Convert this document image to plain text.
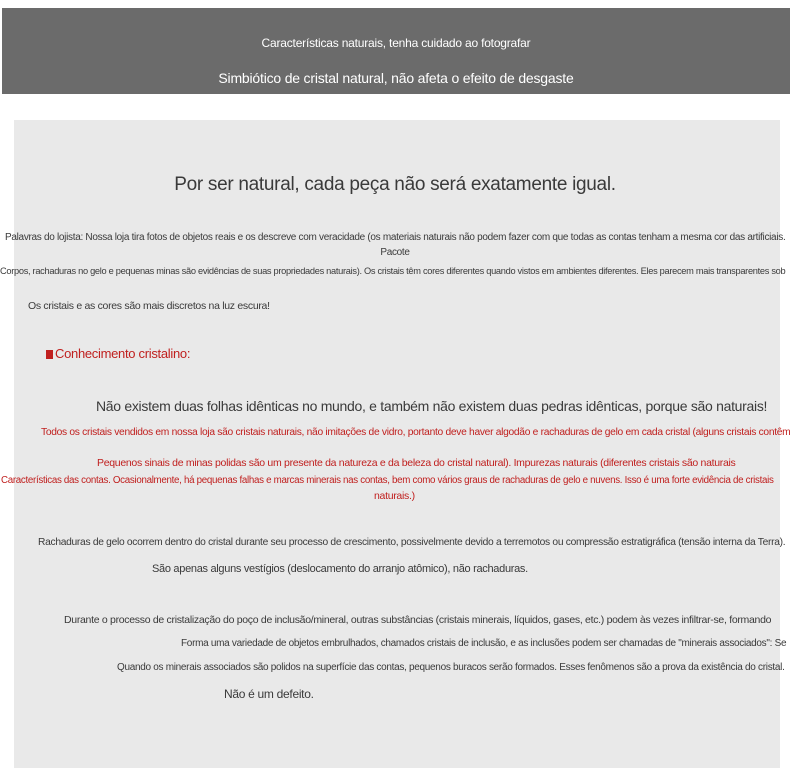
Características naturais, tenha cuidado ao fotografar
Simbiótico de cristal natural, não afeta o efeito de desgaste
Por ser natural, cada peça não será exatamente igual.
Palavras do lojista: Nossa loja tira fotos de objetos reais e os descreve com veracidade (os materiais naturais não podem fazer com que todas as contas tenham a mesma cor das artificiais.
Pacote
Corpos, rachaduras no gelo e pequenas minas são evidências de suas propriedades naturais). Os cristais têm cores diferentes quando vistos em ambientes diferentes. Eles parecem mais transparentes sob
Os cristais e as cores são mais discretos na luz escura!
Conhecimento cristalino:
Não existem duas folhas idênticas no mundo, e também não existem duas pedras idênticas, porque são naturais!
Todos os cristais vendidos em nossa loja são cristais naturais, não imitações de vidro, portanto deve haver algodão e rachaduras de gelo em cada cristal (alguns cristais contêm
Pequenos sinais de minas polidas são um presente da natureza e da beleza do cristal natural). Impurezas naturais (diferentes cristais são naturais
Características das contas. Ocasionalmente, há pequenas falhas e marcas minerais nas contas, bem como vários graus de rachaduras de gelo e nuvens. Isso é uma forte evidência de cristais
naturais.)
Rachaduras de gelo ocorrem dentro do cristal durante seu processo de crescimento, possivelmente devido a terremotos ou compressão estratigráfica (tensão interna da Terra).
São apenas alguns vestígios (deslocamento do arranjo atômico), não rachaduras.
Durante o processo de cristalização do poço de inclusão/mineral, outras substâncias (cristais minerais, líquidos, gases, etc.) podem às vezes infiltrar-se, formando
Forma uma variedade de objetos embrulhados, chamados cristais de inclusão, e as inclusões podem ser chamadas de "minerais associados": Se
Quando os minerais associados são polidos na superfície das contas, pequenos buracos serão formados. Esses fenômenos são a prova da existência do cristal.
Não é um defeito.
